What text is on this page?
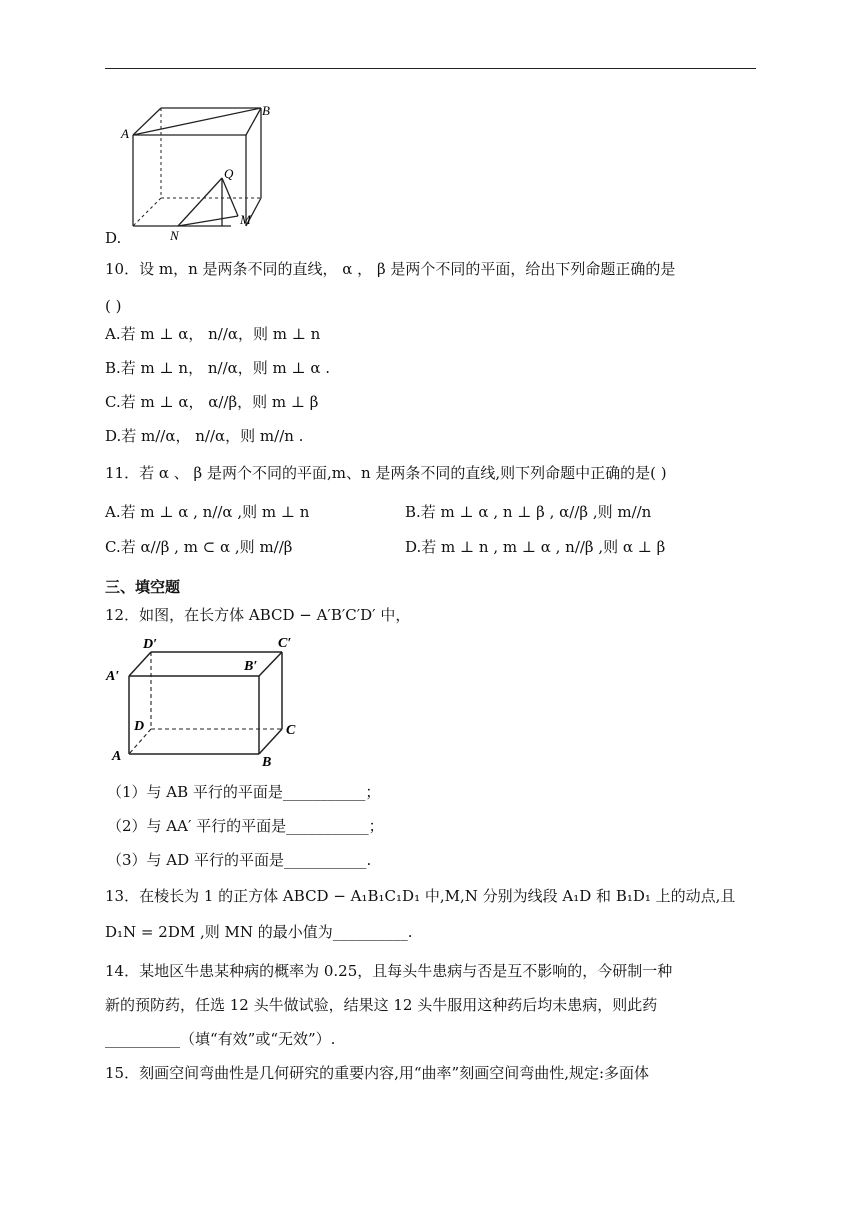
A
B
Q
M
N
D.
10．设 m，n 是两条不同的直线， α ， β 是两个不同的平面，给出下列命题正确的是
( )
A.若 m ⊥ α， n//α，则 m ⊥ n
B.若 m ⊥ n， n//α，则 m ⊥ α .
C.若 m ⊥ α， α//β，则 m ⊥ β
D.若 m//α， n//α，则 m//n .
11．若 α 、 β 是两个不同的平面,m、n 是两条不同的直线,则下列命题中正确的是( )
A.若 m ⊥ α , n//α ,则 m ⊥ n	B.若 m ⊥ α , n ⊥ β , α//β ,则 m//n
C.若 α//β , m ⊂ α ,则 m//β	D.若 m ⊥ n , m ⊥ α , n//β ,则 α ⊥ β
三、填空题
12．如图，在长方体 ABCD − A′B′C′D′ 中，
D′	C′
A′
B′
D	C
A	B
（1）与 AB 平行的平面是___________；
（2）与 AA′ 平行的平面是___________；
（3）与 AD 平行的平面是___________.
13．在棱长为 1 的正方体 ABCD − A₁B₁C₁D₁ 中,M,N 分别为线段 A₁D 和 B₁D₁ 上的动点,且
D₁N = 2DM ,则 MN 的最小值为__________.
14．某地区牛患某种病的概率为 0.25，且每头牛患病与否是互不影响的，今研制一种
新的预防药，任选 12 头牛做试验，结果这 12 头牛服用这种药后均未患病，则此药
__________（填“有效”或“无效”）.
15．刻画空间弯曲性是几何研究的重要内容,用“曲率”刻画空间弯曲性,规定:多面体
